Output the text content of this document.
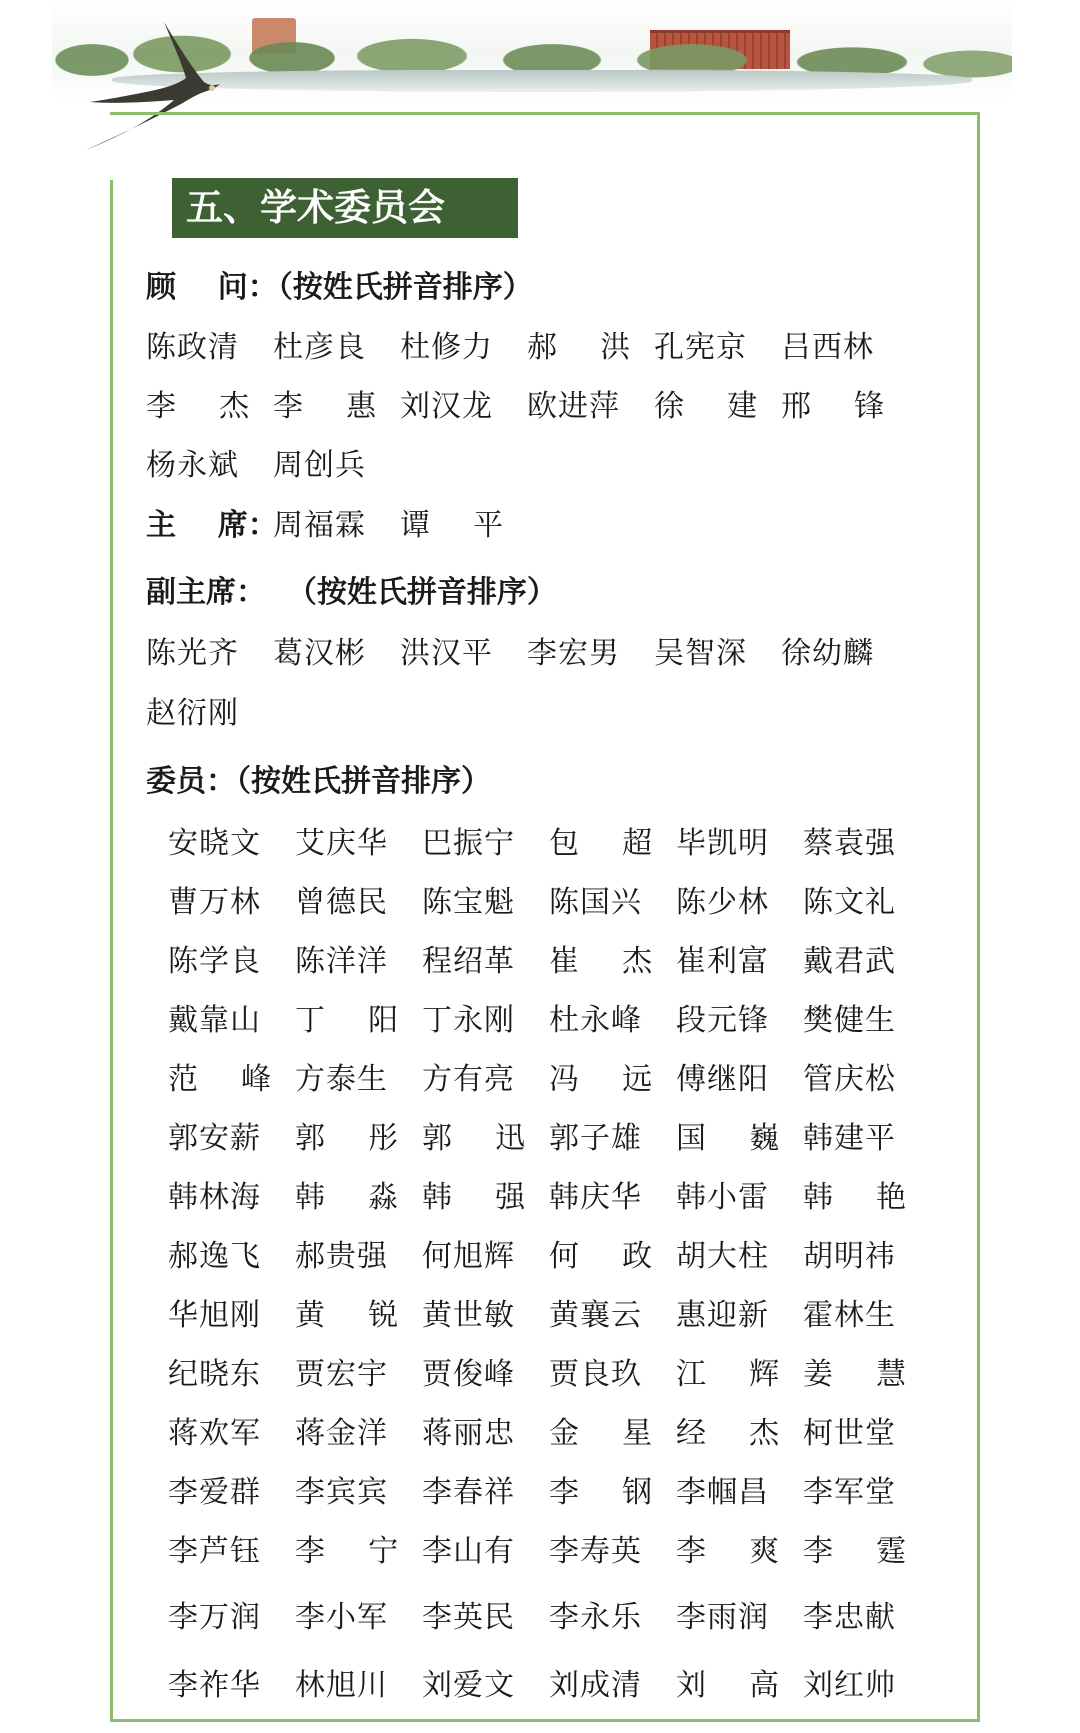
五、学术委员会
顾    问：（按姓氏拼音排序）
陈政清	杜彦良	杜修力	郝    洪 孔宪京	吕西林
李    杰 李    惠 刘汉龙	欧进萍	徐    建 邢    锋
杨永斌	周创兵
主    席：
周福霖	谭    平
副主席：  （按姓氏拼音排序）
陈光齐	葛汉彬	洪汉平	李宏男	吴智深	徐幼麟
赵衍刚
委员：（按姓氏拼音排序）
安晓文	艾庆华	巴振宁	包    超 毕凯明	蔡袁强
曹万林	曾德民	陈宝魁	陈国兴	陈少林	陈文礼
陈学良	陈洋洋	程绍革	崔    杰 崔利富	戴君武
戴靠山	丁    阳 丁永刚	杜永峰	段元锋	樊健生
范    峰 方泰生	方有亮	冯    远 傅继阳	管庆松
郭安薪	郭    彤 郭    迅 郭子雄	国    巍 韩建平
韩林海	韩    淼 韩    强 韩庆华	韩小雷	韩    艳
郝逸飞	郝贵强	何旭辉	何    政 胡大柱	胡明祎
华旭刚	黄    锐 黄世敏	黄襄云	惠迎新	霍林生
纪晓东	贾宏宇	贾俊峰	贾良玖	江    辉 姜    慧
蒋欢军	蒋金洋	蒋丽忠	金    星 经    杰 柯世堂
李爱群	李宾宾	李春祥	李    钢 李帼昌	李军堂
李芦钰	李    宁 李山有	李寿英	李    爽 李    霆
李万润	李小军	李英民	李永乐	李雨润	李忠献
李祚华	林旭川	刘爱文	刘成清	刘    高 刘红帅
